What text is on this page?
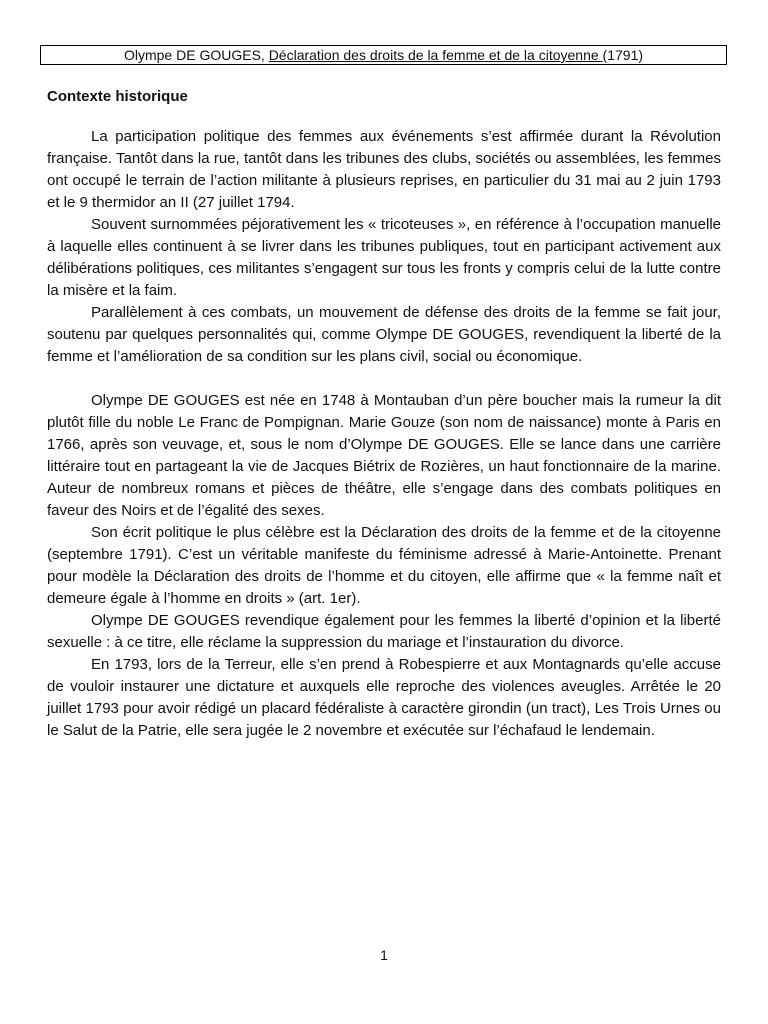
Olympe DE GOUGES, Déclaration des droits de la femme et de la citoyenne (1791)
Contexte historique

La participation politique des femmes aux événements s’est affirmée durant la Révolution française. Tantôt dans la rue, tantôt dans les tribunes des clubs, sociétés ou assemblées, les femmes ont occupé le terrain de l’action militante à plusieurs reprises, en particulier du 31 mai au 2 juin 1793 et le 9 thermidor an II (27 juillet 1794.

Souvent surnommées péjorativement les « tricoteuses », en référence à l’occupation manuelle à laquelle elles continuent à se livrer dans les tribunes publiques, tout en participant activement aux délibérations politiques, ces militantes s’engagent sur tous les fronts y compris celui de la lutte contre la misère et la faim.

Parallèlement à ces combats, un mouvement de défense des droits de la femme se fait jour, soutenu par quelques personnalités qui, comme Olympe DE GOUGES, revendiquent la liberté de la femme et l’amélioration de sa condition sur les plans civil, social ou économique.

Olympe DE GOUGES est née en 1748 à Montauban d’un père boucher mais la rumeur la dit plutôt fille du noble Le Franc de Pompignan. Marie Gouze (son nom de naissance) monte à Paris en 1766, après son veuvage, et, sous le nom d’Olympe DE GOUGES. Elle se lance dans une carrière littéraire tout en partageant la vie de Jacques Biétrix de Rozières, un haut fonctionnaire de la marine. Auteur de nombreux romans et pièces de théâtre, elle s’engage dans des combats politiques en faveur des Noirs et de l’égalité des sexes.

Son écrit politique le plus célèbre est la Déclaration des droits de la femme et de la citoyenne (septembre 1791). C’est un véritable manifeste du féminisme adressé à Marie-Antoinette. Prenant pour modèle la Déclaration des droits de l’homme et du citoyen, elle affirme que « la femme naît et demeure égale à l’homme en droits » (art. 1er).

Olympe DE GOUGES revendique également pour les femmes la liberté d’opinion et la liberté sexuelle : à ce titre, elle réclame la suppression du mariage et l’instauration du divorce.

En 1793, lors de la Terreur, elle s’en prend à Robespierre et aux Montagnards qu’elle accuse de vouloir instaurer une dictature et auxquels elle reproche des violences aveugles. Arrêtée le 20 juillet 1793 pour avoir rédigé un placard fédéraliste à caractère girondin (un tract), Les Trois Urnes ou le Salut de la Patrie, elle sera jugée le 2 novembre et exécutée sur l’échafaud le lendemain.

1
